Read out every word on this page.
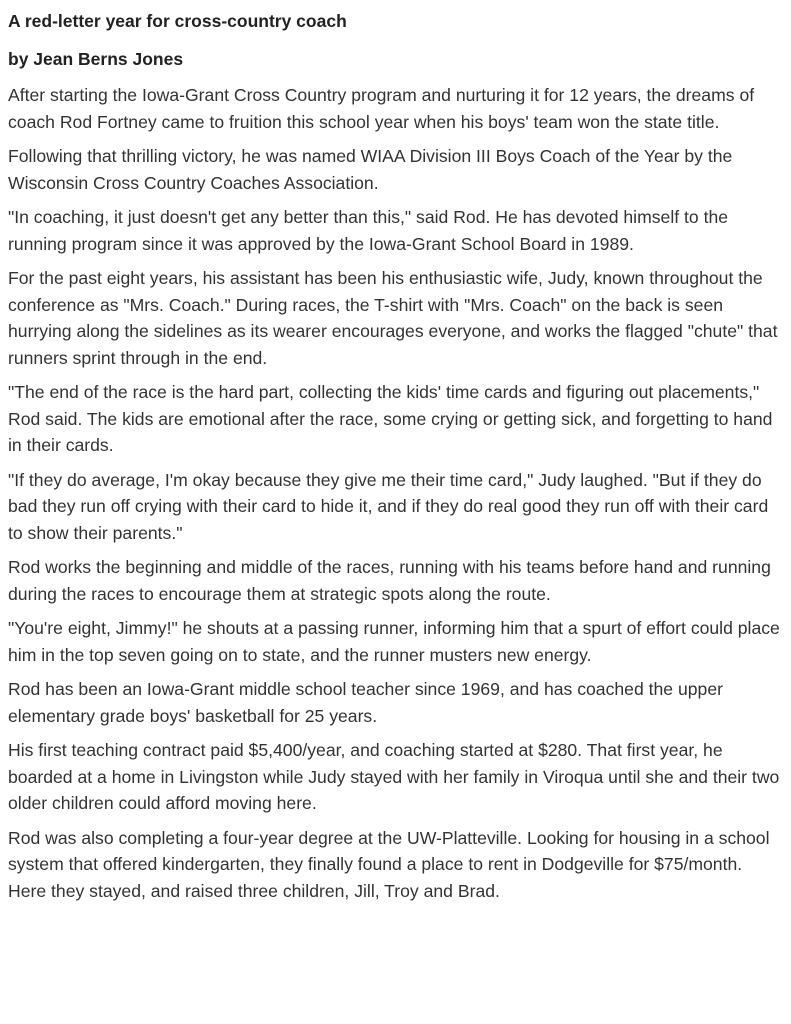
A red-letter year for cross-country coach
by Jean Berns Jones

After starting the Iowa-Grant Cross Country program and nurturing it for 12 years, the dreams of coach Rod Fortney came to fruition this school year when his boys' team won the state title.

Following that thrilling victory, he was named WIAA Division III Boys Coach of the Year by the Wisconsin Cross Country Coaches Association.

"In coaching, it just doesn't get any better than this," said Rod. He has devoted himself to the running program since it was approved by the Iowa-Grant School Board in 1989.

For the past eight years, his assistant has been his enthusiastic wife, Judy, known throughout the conference as "Mrs. Coach." During races, the T-shirt with "Mrs. Coach" on the back is seen hurrying along the sidelines as its wearer encourages everyone, and works the flagged "chute" that runners sprint through in the end.

"The end of the race is the hard part, collecting the kids' time cards and figuring out placements," Rod said. The kids are emotional after the race, some crying or getting sick, and forgetting to hand in their cards.

"If they do average, I'm okay because they give me their time card," Judy laughed. "But if they do bad they run off crying with their card to hide it, and if they do real good they run off with their card to show their parents."

Rod works the beginning and middle of the races, running with his teams before hand and running during the races to encourage them at strategic spots along the route.

"You're eight, Jimmy!" he shouts at a passing runner, informing him that a spurt of effort could place him in the top seven going on to state, and the runner musters new energy.

Rod has been an Iowa-Grant middle school teacher since 1969, and has coached the upper elementary grade boys' basketball for 25 years.

His first teaching contract paid $5,400/year, and coaching started at $280. That first year, he boarded at a home in Livingston while Judy stayed with her family in Viroqua until she and their two older children could afford moving here.

Rod was also completing a four-year degree at the UW-Platteville. Looking for housing in a school system that offered kindergarten, they finally found a place to rent in Dodgeville for $75/month. Here they stayed, and raised three children, Jill, Troy and Brad.
